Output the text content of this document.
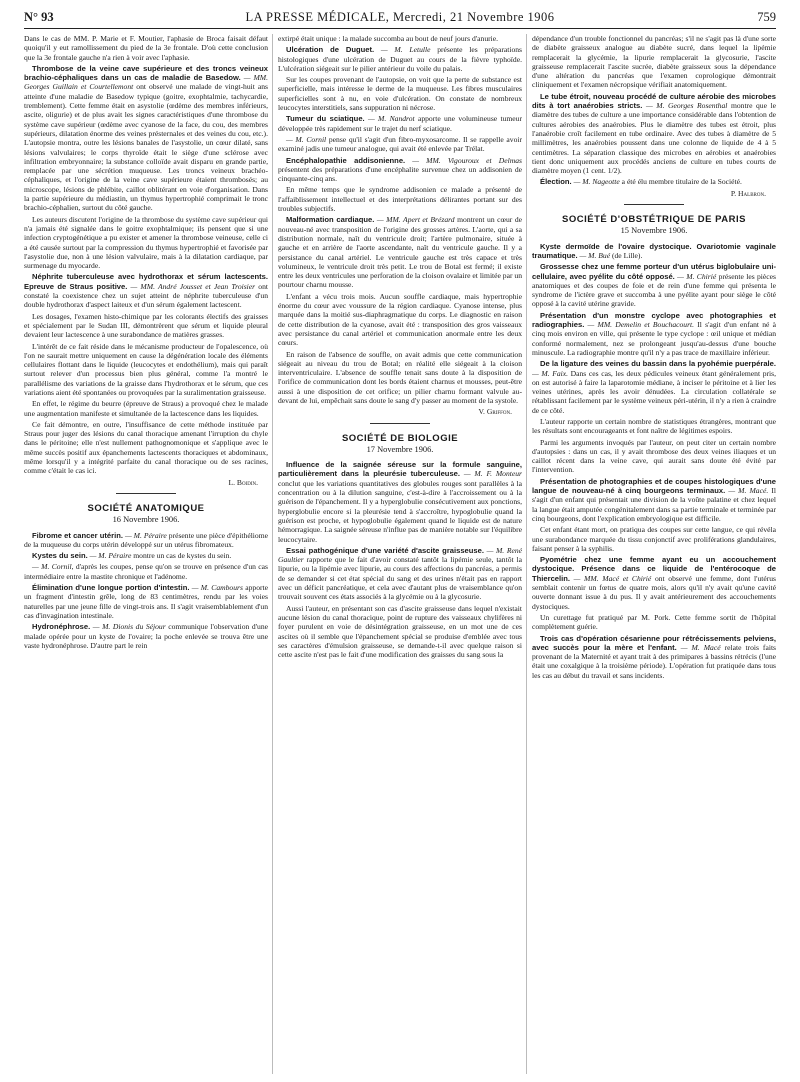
N° 93	LA PRESSE MÉDICALE, Mercredi, 21 Novembre 1906	759

Dans le cas de MM. P. Marie et F. Moutier, l'aphasie de Broca faisait défaut quoiqu'il y eut ramollissement du pied de la 3e frontale. D'où cette conclusion que la 3e frontale gauche n'a rien à voir avec l'aphasie.

Thrombose de la veine cave supérieure et des troncs veineux brachio-céphaliques dans un cas de maladie de Basedow. — MM. Georges Guillain et Courtellemont ont observé une malade de vingt-huit ans atteinte d'une maladie de Basedow typique (goitre, exophtalmie, tachycardie, tremblement). Cette femme était en asystolie (œdème des membres inférieurs, ascite, oligurie) et de plus avait les signes caractéristiques d'une thrombose du système cave supérieur (œdème avec cyanose de la face, du cou, des membres supérieurs, dilatation énorme des veines présternales et des veines du cou, etc.). L'autopsie montra, outre les lésions banales de l'asystolie, un cœur dilaté, sans lésions valvulaires; le corps thyroïde était le siège d'une sclérose avec infiltration embryonnaire; la substance colloïde avait disparu en grande partie, remplacée par une sécrétion muqueuse. Les troncs veineux brachéo-céphaliques, et l'origine de la veine cave supérieure étaient thrombosés; au microscope, lésions de phlébite, caillot oblitérant en voie d'organisation. Dans la partie supérieure du médiastin, un thymus hypertrophié comprimait le tronc brachio-céphalien, surtout du côté gauche.

Les auteurs discutent l'origine de la thrombose du système cave supérieur qui n'a jamais été signalée dans le goitre exophtalmique; ils pensent que si une infection cryptogénétique a pu exister et amener la thrombose veineuse, celle ci a été causée surtout par la compression du thymus hypertrophié et favorisée par l'asystolie due, non à une lésion valvulaire, mais à la dilatation cardiaque, par surmenage du myocarde.

Néphrite tuberculeuse avec hydrothorax et sérum lactescents. Epreuve de Straus positive. — MM. André Jousset et Jean Troisier ont constaté la coexistence chez un sujet atteint de néphrite tuberculeuse d'un double hydrothorax d'aspect laiteux et d'un sérum également lactescent.

Les dosages, l'examen histo-chimique par les colorants électifs des graisses et spécialement par le Sudan III, démontrèrent que sérum et liquide pleural devaient leur lactescence à une surabondance de matières grasses.

L'intérêt de ce fait réside dans le mécanisme producteur de l'opalescence, où l'on ne saurait mettre uniquement en cause la dégénération locale des éléments cellulaires flottant dans le liquide (leucocytes et endothélium), mais qui paraît surtout relever d'un processus bien plus général, comme l'a montré le parallélisme des variations de la graisse dans l'hydrothorax et le sérum, que ces variations aient été spontanées ou provoquées par la suralimentation graisseuse.

En effet, le régime du beurre (épreuve de Straus) a provoqué chez le malade une augmentation manifeste et simultanée de la lactescence dans les liquides.

Ce fait démontre, en outre, l'insuffisance de cette méthode instituée par Straus pour juger des lésions du canal thoracique amenant l'irruption du chyle dans le péritoine; elle n'est nullement pathognomonique et s'applique avec le même succès positif aux épanchements lactescents thoraciques et abdominaux, même lorsqu'il y a intégrité parfaite du canal thoracique ou de ses racines, comme c'était le cas ici.

L. Boidin.
SOCIÉTÉ ANATOMIQUE
16 Novembre 1906.

Fibrome et cancer utérin. — M. Péraire présente une pièce d'épithéliome de la muqueuse du corps utérin développé sur un utérus fibromateux.

Kystes du sein. — M. Péraire montre un cas de kystes du sein.

— M. Cornil, d'après les coupes, pense qu'on se trouve en présence d'un cas intermédiaire entre la mastite chronique et l'adénome.

Élimination d'une longue portion d'intestin. — M. Cambours apporte un fragment d'intestin grêle, long de 83 centimètres, rendu par les voies naturelles par une jeune fille de vingt-trois ans. Il s'agit vraisemblablement d'un cas d'invagination intestinale.

Hydronéphrose. — M. Dionis du Séjour communique l'observation d'une malade opérée pour un kyste de l'ovaire; la poche enlevée se trouva être une vaste hydronéphrose. D'autre part le rein

extirpé était unique : la malade succomba au bout de neuf jours d'anurie.

Ulcération de Duguet. — M. Letulle présente les préparations histologiques d'une ulcération de Duguet au cours de la fièvre typhoïde. L'ulcération siégeait sur le pilier antérieur du voile du palais.

Sur les coupes provenant de l'autopsie, on voit que la perte de substance est superficielle, mais intéresse le derme de la muqueuse. Les fibres musculaires superficielles sont à nu, en voie d'ulcération. On constate de nombreux leucocytes interstitiels, sans suppuration ni nécrose.

Tumeur du sciatique. — M. Nandrot apporte une volumineuse tumeur développée très rapidement sur le trajet du nerf sciatique.

— M. Cornil pense qu'il s'agit d'un fibro-myxosarcome. Il se rappelle avoir examiné jadis une tumeur analogue, qui avait été enlevée par Trélat.

Encéphalopathie addisonienne. — MM. Vigouroux et Delmas présentent des préparations d'une encéphalite survenue chez un addisonien de cinquante-cinq ans.

En même temps que le syndrome addisonien ce malade a présenté de l'affaiblissement intellectuel et des interprétations délirantes portant sur des troubles subjectifs.

Malformation cardiaque. — MM. Apert et Brézard montrent un cœur de nouveau-né avec transposition de l'origine des grosses artères. L'aorte, qui a sa distribution normale, naît du ventricule droit; l'artère pulmonaire, située à gauche et en arrière de l'aorte ascendante, naît du ventricule gauche. Il y a persistance du canal artériel. Le ventricule gauche est très capace et très volumineux, le ventricule droit très petit. Le trou de Botal est fermé; il existe entre les deux ventricules une perforation de la cloison ovalaire et limitée par un pourtour charnu mousse.

L'enfant a vécu trois mois. Aucun souffle cardiaque, mais hypertrophie énorme du cœur avec voussure de la région cardiaque. Cyanose intense, plus marquée dans la moitié sus-diaphragmatique du corps. Le diagnostic en raison de cette distribution de la cyanose, avait été : transposition des gros vaisseaux avec persistance du canal artériel et communication anormale entre les deux cœurs.

En raison de l'absence de souffle, on avait admis que cette communication siégeait au niveau du trou de Botal; en réalité elle siégeait à la cloison interventriculaire. L'absence de souffle tenait sans doute à la disposition de l'orifice de communication dont les bords étaient charnus et mousses, peut-être aussi à une disposition de cet orifice; un pilier charnu formant valvule au-devant de lui, empêchait sans doute le sang d'y passer au moment de la systole.

V. Griffon.
SOCIÉTÉ DE BIOLOGIE
17 Novembre 1906.

Influence de la saignée séreuse sur la formule sanguine, particulièrement dans la pleurésie tuberculeuse. — M. F. Monteur conclut que les variations quantitatives des globules rouges sont parallèles à la concentration ou à la dilution sanguine, c'est-à-dire à l'accroissement ou à la guérison de l'épanchement. Il y a hyperglobulie consécutivement aux ponctions, hyperglobulie encore si la pleurésie tend à s'accroître, hypoglobulie quand la guérison est proche, et hypoglobulie également quand le liquide est de nature hémorragique. La saignée séreuse n'influe pas de manière notable sur l'équilibre leucocytaire.

Essai pathogénique d'une variété d'ascite graisseuse. — M. René Gaultier rapporte que le fait d'avoir constaté tantôt la lipémie seule, tantôt la lipurie, ou la lipémie avec lipurie, au cours des affections du pancréas, a permis de se demander si cet état spécial du sang et des urines n'était pas en rapport avec un déficit pancréatique, et cela avec d'autant plus de vraisemblance qu'on trouvait souvent ces états associés à la glycémie ou à la glycosurie.

Aussi l'auteur, en présentant son cas d'ascite graisseuse dans lequel n'existait aucune lésion du canal thoracique, point de rupture des vaisseaux chylifères ni foyer purulent en voie de désintégration graisseuse, en un mot une de ces ascites où il semble que l'épanchement spécial se produise d'emblée avec tous ses caractères d'émulsion graisseuse, se demande-t-il avec quelque raison si cette ascite n'est pas le fait d'une modification des graisses du sang sous la

dépendance d'un trouble fonctionnel du pancréas; s'il ne s'agit pas là d'une sorte de diabète graisseux analogue au diabète sucré, dans lequel la lipémie remplacerait la glycémie, la lipurie remplacerait la glycosurie, l'ascite graisseuse remplacerait l'ascite sucrée, diabète graisseux sous la dépendance d'une altération du pancréas que l'examen coprologique démontrait cliniquement et l'examen nécropsique vérifiait anatomiquement.

Le tube étroit, nouveau procédé de culture aérobie des microbes dits à tort anaérobies stricts. — M. Georges Rosenthal montre que le diamètre des tubes de culture a une importance considérable dans l'obtention de cultures aérobies des anaérobies. Plus le diamètre des tubes est étroit, plus l'anaérobie croît facilement en tube ordinaire. Avec des tubes à diamètre de 5 millimètres, les anaérobies poussent dans une colonne de liquide de 4 à 5 centimètres. La séparation classique des microbes en aérobies et anaérobies tient donc uniquement aux procédés anciens de culture en tubes courts de diamètre moyen (1 cent. 1/2).

Élection. — M. Nageotte a été élu membre titulaire de la Société.

P. Halbron.
SOCIÉTÉ D'OBSTÉTRIQUE DE PARIS
15 Novembre 1906.

Kyste dermoïde de l'ovaire dystocique. Ovariotomie vaginale traumatique. — M. Bué (de Lille).

Grossesse chez une femme porteur d'un utérus biglobulaire uni-cellulaire, avec pyélite du côté opposé. — M. Chirié présente les pièces anatomiques et des coupes de foie et de rein d'une femme qui présenta le syndrome de l'ictère grave et succomba à une pyélite ayant pour siège le côté opposé à la cavité utérine gravide.

Présentation d'un monstre cyclope avec photographies et radiographies. — MM. Demelin et Bouchacourt. Il s'agit d'un enfant né à cinq mois environ en ville, qui présente le type cyclope : œil unique et médian conformé normalement, nez se prolongeant jusqu'au-dessus d'une bouche minuscule. La radiographie montre qu'il n'y a pas trace de maxillaire inférieur.

De la ligature des veines du bassin dans la pyohémie puerpérale. — M. Faix. Dans ces cas, les deux pédicules veineux étant généralement pris, on est autorisé à faire la laparotomie médiane, à inciser le péritoine et à lier les veines utérines, après les avoir dénudées. La circulation collatérale se rétablissant facilement par le système veineux péri-utérin, il n'y a rien à craindre de ce côté.

L'auteur rapporte un certain nombre de statistiques étrangères, montrant que les résultats sont encourageants et font naître de légitimes espoirs.

Parmi les arguments invoqués par l'auteur, on peut citer un certain nombre d'autopsies : dans un cas, il y avait thrombose des deux veines iliaques et un caillot récent dans la veine cave, qui aurait sans doute été évité par l'intervention.

Présentation de photographies et de coupes histologiques d'une langue de nouveau-né à cinq bourgeons terminaux. — M. Macé. Il s'agit d'un enfant qui présentait une division de la voûte palatine et chez lequel la langue était amputée congénitalement dans sa partie terminale et terminée par cinq bourgeons, dont l'explication embryologique est difficile.

Cet enfant étant mort, on pratiqua des coupes sur cette langue, ce qui révéla une surabondance marquée du tissu conjonctif avec proliférations glandulaires, faisant penser à la syphilis.

Pyométrie chez une femme ayant eu un accouchement dystocique. Présence dans ce liquide de l'entérocoque de Thiercelin. — MM. Macé et Chirié ont observé une femme, dont l'utérus semblait contenir un fœtus de quatre mois, alors qu'il n'y avait qu'une cavité ouverte donnant issue à du pus. Il y avait antérieurement des accouchements dystociques.

Un curettage fut pratiqué par M. Pork. Cette femme sortit de l'hôpital complètement guérie.

Trois cas d'opération césarienne pour rétrécissements pelviens, avec succès pour la mère et l'enfant. — M. Macé relate trois faits provenant de la Maternité et ayant trait à des primipares à bassins rétrécis (l'une était une coxalgique à la troisième période). L'opération fut pratiquée dans tous les cas au début du travail et sans incidents.
